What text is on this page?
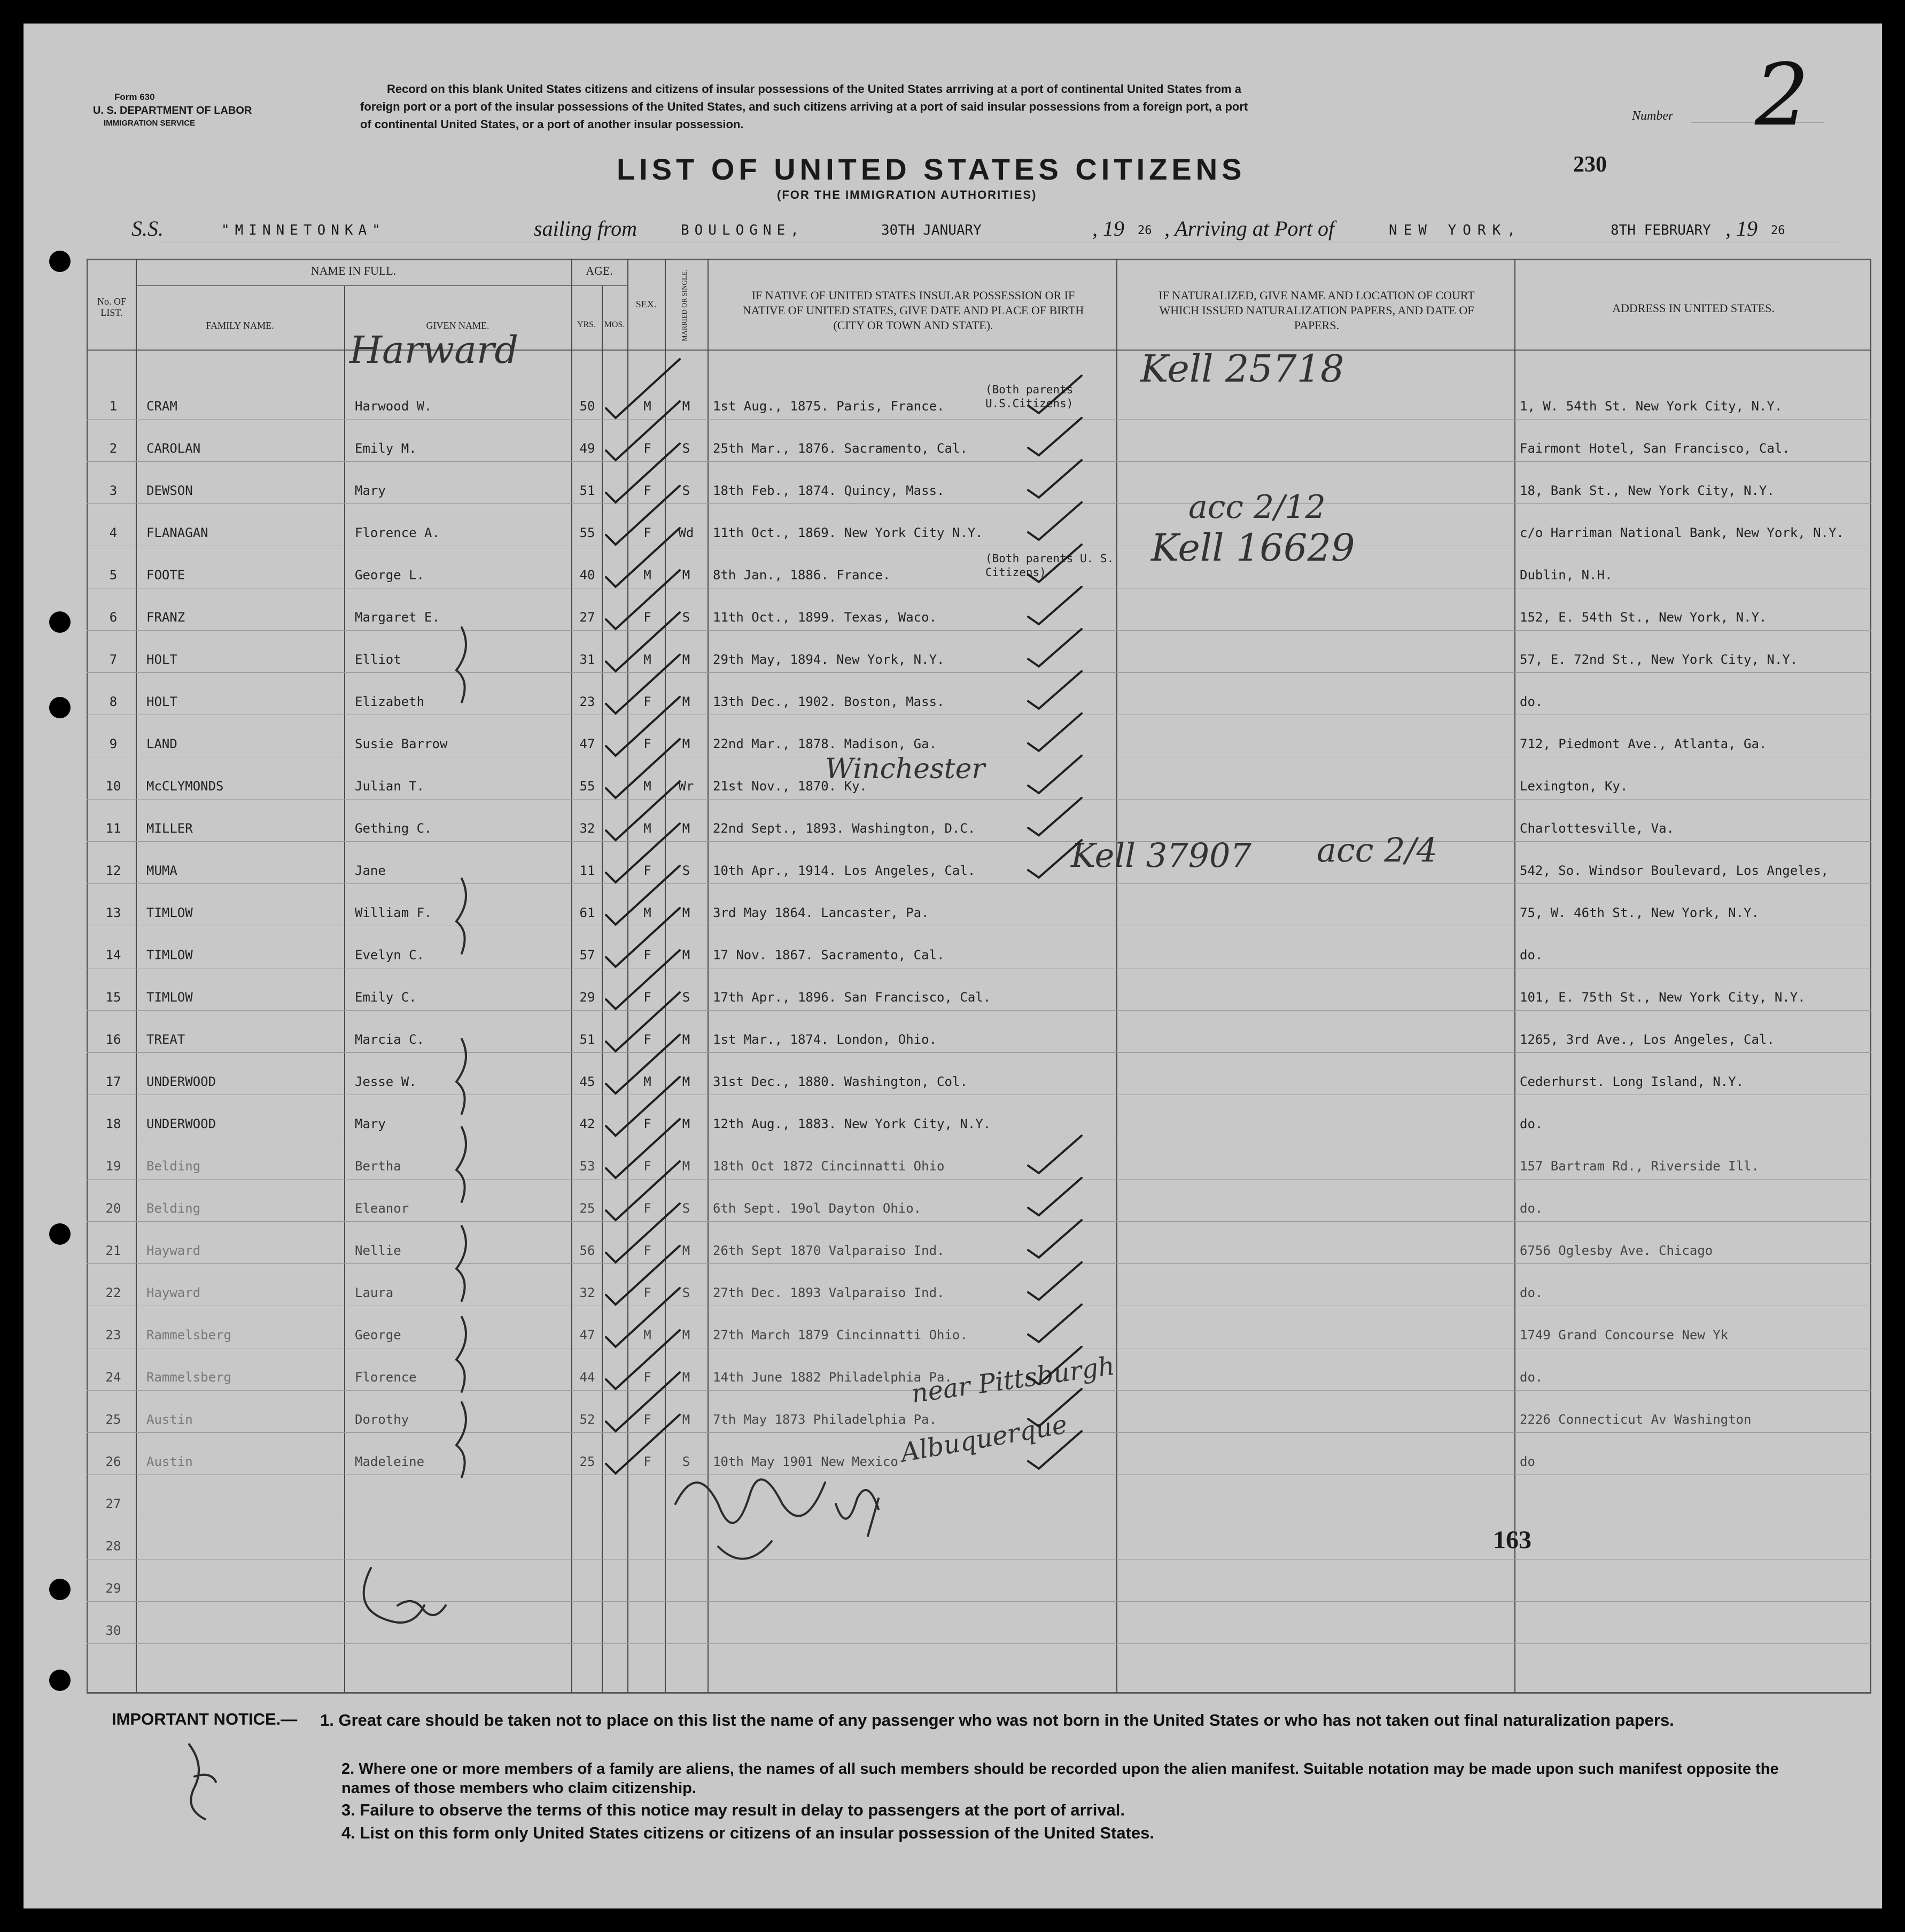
Form 630
U. S. DEPARTMENT OF LABOR
IMMIGRATION SERVICE
Record on this blank United States citizens and citizens of insular possessions of the United States arrriving at a port of continental United States from a
foreign port or a port of the insular possessions of the United States, and such citizens arriving at a port of said insular possessions from a foreign port, a port
of continental United States, or a port of another insular possession.
Number 2
230
LIST OF UNITED STATES CITIZENS
(FOR THE IMMIGRATION AUTHORITIES)
S.S.	"MINNETONKA"	sailing from	BOULOGNE,	30TH JANUARY	, 19 26 , Arriving at Port of	NEW YORK,	8TH FEBRUARY , 19 26
No. OF LIST.
NAME IN FULL.
FAMILY NAME.	GIVEN NAME.
AGE.
YRS. MOS.
SEX.	MARRIED OR SINGLE.	IF NATIVE OF UNITED STATES INSULAR POSSESSION OR IF NATIVE OF UNITED STATES, GIVE DATE AND PLACE OF BIRTH (CITY OR TOWN AND STATE).
IF NATURALIZED, GIVE NAME AND LOCATION OF COURT WHICH ISSUED NATURALIZATION PAPERS, AND DATE OF PAPERS.
ADDRESS IN UNITED STATES.
1	CRAM	Harwood W.	50	M	M	1st Aug., 1875. Paris, France.	1, W. 54th St. New York City, N.Y.
(Both parents U.S.Citizens)
2	CAROLAN	Emily M.	49	F	S	25th Mar., 1876. Sacramento, Cal.	Fairmont Hotel, San Francisco, Cal.
3	DEWSON	Mary	51	F	S	18th Feb., 1874. Quincy, Mass.	18, Bank St., New York City, N.Y.
4	FLANAGAN	Florence A.	55	F	Wd	11th Oct., 1869. New York City N.Y.	c/o Harriman National Bank, New York, N.Y.
5	FOOTE	George L.	40	M	M	8th Jan., 1886. France.	Dublin, N.H.
(Both parents U. S. Citizens)
6	FRANZ	Margaret E.	27	F	S	11th Oct., 1899. Texas, Waco.	152, E. 54th St., New York, N.Y.
7	HOLT	Elliot	31	M	M	29th May, 1894. New York, N.Y.	57, E. 72nd St., New York City, N.Y.
8	HOLT	Elizabeth	23	F	M	13th Dec., 1902. Boston, Mass.	do.
9	LAND	Susie Barrow	47	F	M	22nd Mar., 1878. Madison, Ga.	712, Piedmont Ave., Atlanta, Ga.
10	McCLYMONDS	Julian T.	55	M	Wr	21st Nov., 1870. Ky.	Lexington, Ky.
11	MILLER	Gething C.	32	M	M	22nd Sept., 1893. Washington, D.C.	Charlottesville, Va.
12	MUMA	Jane	11	F	S	10th Apr., 1914. Los Angeles, Cal.	542, So. Windsor Boulevard, Los Angeles,
13	TIMLOW	William F.	61	M	M	3rd May 1864. Lancaster, Pa.	75, W. 46th St., New York, N.Y.
14	TIMLOW	Evelyn C.	57	F	M	17 Nov. 1867. Sacramento, Cal.	do.
15	TIMLOW	Emily C.	29	F	S	17th Apr., 1896. San Francisco, Cal.	101, E. 75th St., New York City, N.Y.
16	TREAT	Marcia C.	51	F	M	1st Mar., 1874. London, Ohio.	1265, 3rd Ave., Los Angeles, Cal.
17	UNDERWOOD	Jesse W.	45	M	M	31st Dec., 1880. Washington, Col.	Cederhurst. Long Island, N.Y.
18	UNDERWOOD	Mary	42	F	M	12th Aug., 1883. New York City, N.Y.	do.
19	Belding	Bertha	53	F	M	18th Oct 1872 Cincinnatti Ohio	157 Bartram Rd., Riverside Ill.
20	Belding	Eleanor	25	F	S	6th Sept. 19ol Dayton Ohio.	do.
21	Hayward	Nellie	56	F	M	26th Sept 1870 Valparaiso Ind.	6756 Oglesby Ave. Chicago
22	Hayward	Laura	32	F	S	27th Dec. 1893 Valparaiso Ind.	do.
23	Rammelsberg	George	47	M	M	27th March 1879 Cincinnatti Ohio.	1749 Grand Concourse New Yk
24	Rammelsberg	Florence	44	F	M	14th June 1882 Philadelphia Pa.	do.
25	Austin	Dorothy	52	F	M	7th May 1873 Philadelphia Pa.	2226 Connecticut Av Washington
26	Austin	Madeleine	25	F	S	10th May 1901 New Mexico	do
27
28
29
30
Harward	Kell 25718
acc 2/12
Kell 16629
Winchester
Kell 37907 acc 2/4
near Pittsburgh
Albuquerque
163
IMPORTANT NOTICE.— 1. Great care should be taken not to place on this list the name of any passenger who was not born in the United States or who has not taken out final naturalization papers.
2. Where one or more members of a family are aliens, the names of all such members should be recorded upon the alien manifest. Suitable notation may be made upon such manifest opposite the names of those members who claim citizenship.
3. Failure to observe the terms of this notice may result in delay to passengers at the port of arrival.
4. List on this form only United States citizens or citizens of an insular possession of the United States.
